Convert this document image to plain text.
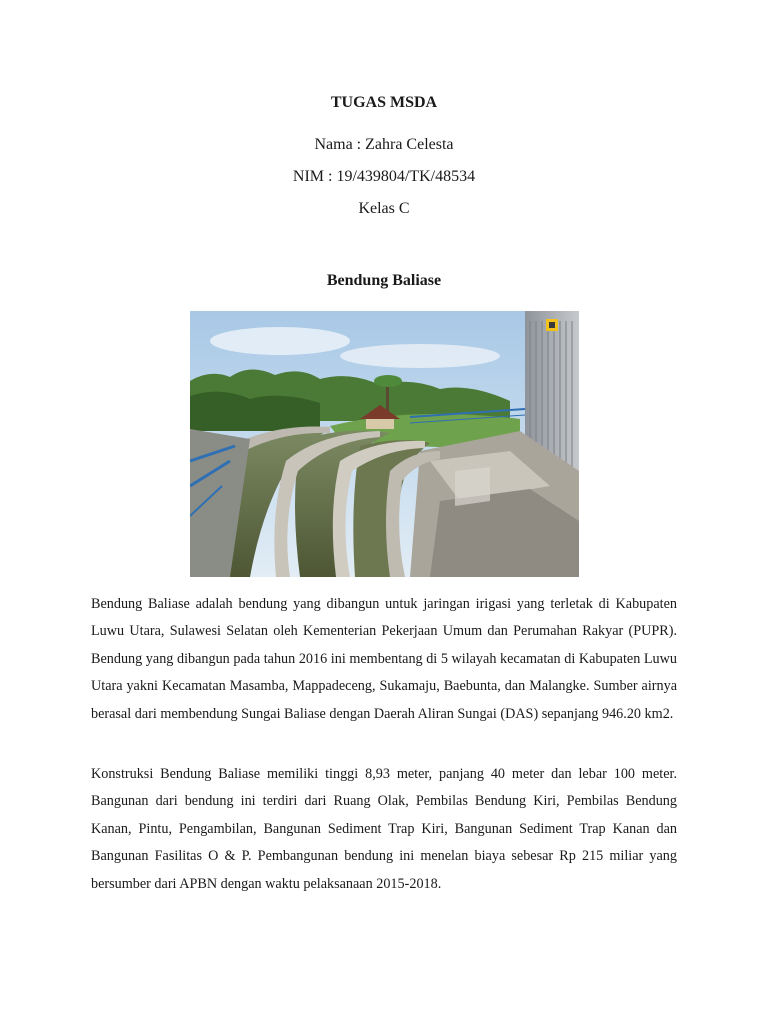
TUGAS MSDA
Nama : Zahra Celesta
NIM : 19/439804/TK/48534
Kelas C
Bendung Baliase

Bendung Baliase adalah bendung yang dibangun untuk jaringan irigasi yang terletak di Kabupaten Luwu Utara, Sulawesi Selatan oleh Kementerian Pekerjaan Umum dan Perumahan Rakyar (PUPR). Bendung yang dibangun pada tahun 2016 ini membentang di 5 wilayah kecamatan di Kabupaten Luwu Utara yakni Kecamatan Masamba, Mappadeceng, Sukamaju, Baebunta, dan Malangke. Sumber airnya berasal dari membendung Sungai Baliase dengan Daerah Aliran Sungai (DAS) sepanjang 946.20 km2.

Konstruksi Bendung Baliase memiliki tinggi 8,93 meter, panjang 40 meter dan lebar 100 meter. Bangunan dari bendung ini terdiri dari Ruang Olak, Pembilas Bendung Kiri, Pembilas Bendung Kanan, Pintu, Pengambilan, Bangunan Sediment Trap Kiri, Bangunan Sediment Trap Kanan dan Bangunan Fasilitas O & P. Pembangunan bendung ini menelan biaya sebesar Rp 215 miliar yang bersumber dari APBN dengan waktu pelaksanaan 2015-2018.
